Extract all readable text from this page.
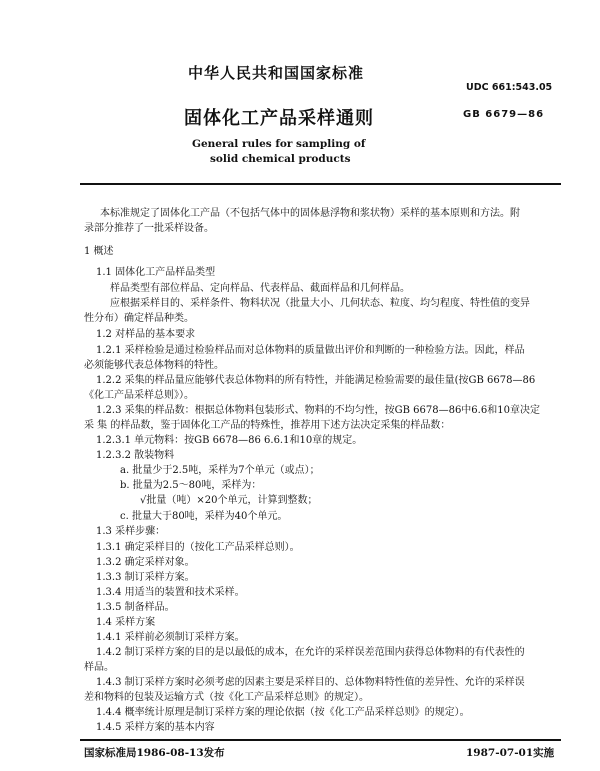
中华人民共和国国家标准
UDC 661:543.05
固体化工产品采样通则	GB 6679—86
General rules for sampling of
solid chemical products
本标准规定了固体化工产品（不包括气体中的固体悬浮物和浆状物）采样的基本原则和方法。附
录部分推荐了一批采样设备。
1 概述
1.1 固体化工产品样品类型
样品类型有部位样品、定向样品、代表样品、截面样品和几何样品。
应根据采样目的、采样条件、物料状况（批量大小、几何状态、粒度、均匀程度、特性值的变异
性分布）确定样品种类。
1.2 对样品的基本要求
1.2.1 采样检验是通过检验样品而对总体物料的质量做出评价和判断的一种检验方法。因此，样品
必须能够代表总体物料的特性。
1.2.2 采集的样品量应能够代表总体物料的所有特性，并能满足检验需要的最佳量(按GB 6678—86
《化工产品采样总则》）。
1.2.3 采集的样品数：根据总体物料包装形式、物料的不均匀性，按GB 6678—86中6.6和10章决定
采 集 的样品数，鉴于固体化工产品的特殊性，推荐用下述方法决定采集的样品数：
1.2.3.1 单元物料：按GB 6678—86 6.6.1和10章的规定。
1.2.3.2 散装物料
a. 批量少于2.5吨，采样为7个单元（或点）；
b. 批量为2.5～80吨，采样为：
√批量（吨）×20个单元，计算到整数；
c. 批量大于80吨，采样为40个单元。
1.3 采样步骤：
1.3.1 确定采样目的（按化工产品采样总则）。
1.3.2 确定采样对象。
1.3.3 制订采样方案。
1.3.4 用适当的装置和技术采样。
1.3.5 制备样品。
1.4 采样方案
1.4.1 采样前必须制订采样方案。
1.4.2 制订采样方案的目的是以最低的成本，在允许的采样误差范围内获得总体物料的有代表性的
样品。
1.4.3 制订采样方案时必须考虑的因素主要是采样目的、总体物料特性值的差异性、允许的采样误
差和物料的包装及运输方式（按《化工产品采样总则》的规定）。
1.4.4 概率统计原理是制订采样方案的理论依据（按《化工产品采样总则》的规定）。
1.4.5 采样方案的基本内容
国家标准局1986-08-13发布	1987-07-01实施
